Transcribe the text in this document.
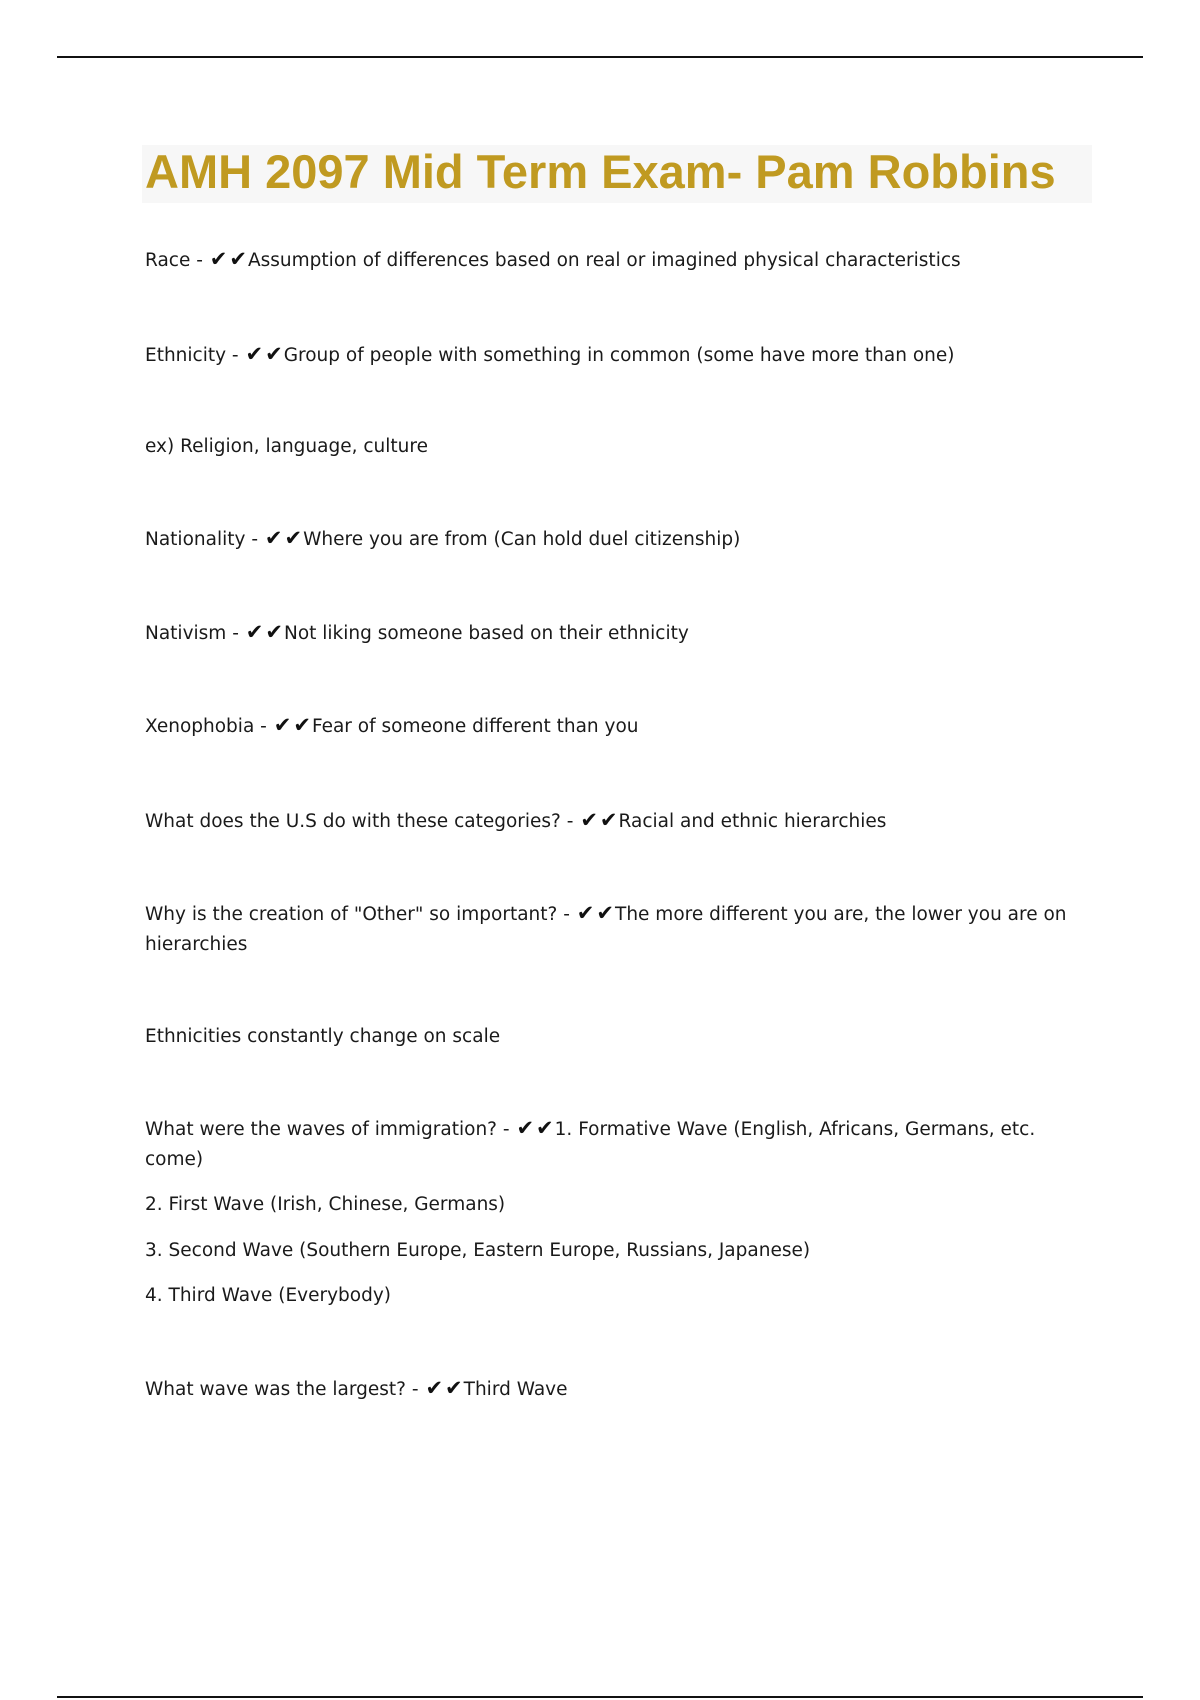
AMH 2097 Mid Term Exam- Pam Robbins

Race - ✔✔Assumption of differences based on real or imagined physical characteristics

Ethnicity - ✔✔Group of people with something in common (some have more than one)

ex) Religion, language, culture

Nationality - ✔✔Where you are from (Can hold duel citizenship)

Nativism - ✔✔Not liking someone based on their ethnicity

Xenophobia - ✔✔Fear of someone different than you

What does the U.S do with these categories? - ✔✔Racial and ethnic hierarchies

Why is the creation of "Other" so important? - ✔✔The more different you are, the lower you are on hierarchies

Ethnicities constantly change on scale

What were the waves of immigration? - ✔✔1. Formative Wave (English, Africans, Germans, etc. come)

2. First Wave (Irish, Chinese, Germans)

3. Second Wave (Southern Europe, Eastern Europe, Russians, Japanese)

4. Third Wave (Everybody)

What wave was the largest? - ✔✔Third Wave
